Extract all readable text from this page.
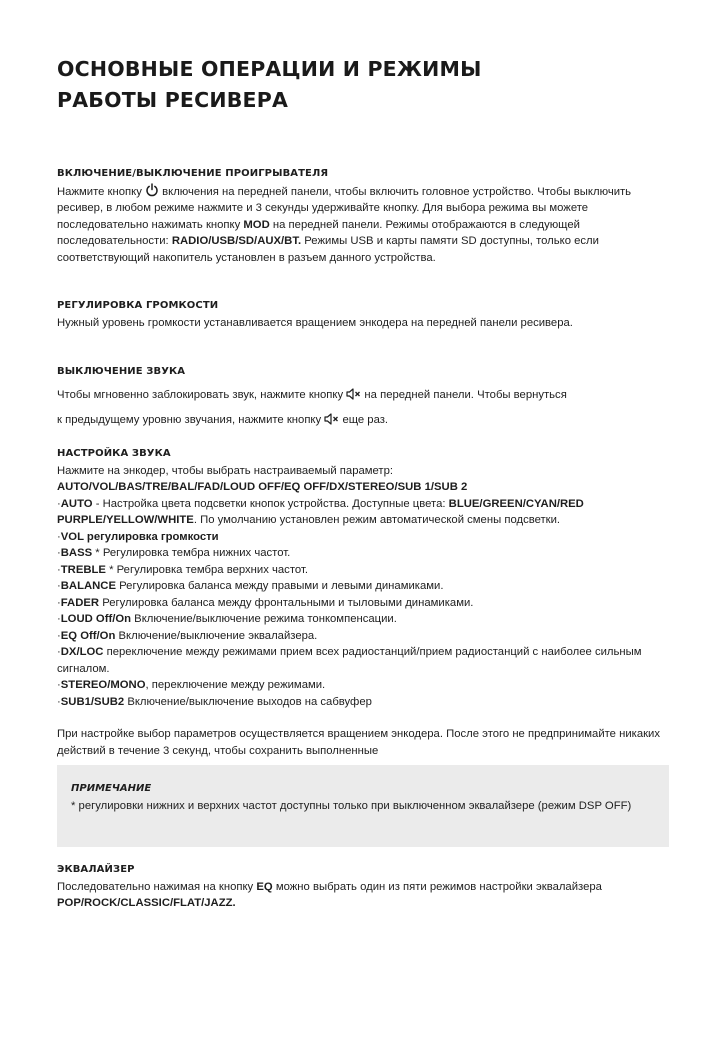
ОСНОВНЫЕ ОПЕРАЦИИ И РЕЖИМЫ
РАБОТЫ РЕСИВЕРА
ВКЛЮЧЕНИЕ/ВЫКЛЮЧЕНИЕ ПРОИГРЫВАТЕЛЯ

Нажмите кнопку включения на передней панели, чтобы включить головное устройство. Чтобы выключить ресивер, в любом режиме нажмите и 3 секунды удерживайте кнопку. Для выбора режима вы можете последовательно нажимать кнопку MOD на передней панели. Режимы отображаются в следующей последовательности: RADIO/USB/SD/AUX/BT. Режимы USB и карты памяти SD доступны, только если соответствующий накопитель установлен в разъем данного устройства.

РЕГУЛИРОВКА ГРОМКОСТИ

Нужный уровень громкости устанавливается вращением энкодера на передней панели ресивера.

ВЫКЛЮЧЕНИЕ ЗВУКА

Чтобы мгновенно заблокировать звук, нажмите кнопку на передней панели. Чтобы вернуться

к предыдущему уровню звучания, нажмите кнопку еще раз.

НАСТРОЙКА ЗВУКА

Нажмите на энкодер, чтобы выбрать настраиваемый параметр:

AUTO/VOL/BAS/TRE/BAL/FAD/LOUD OFF/EQ OFF/DX/STEREO/SUB 1/SUB 2

·AUTO - Настройка цвета подсветки кнопок устройства. Доступные цвета: BLUE/GREEN/CYAN/RED PURPLE/YELLOW/WHITE. По умолчанию установлен режим автоматической смены подсветки.

·VOL регулировка громкости

·BASS * Регулировка тембра нижних частот.

·TREBLE * Регулировка тембра верхних частот.

·BALANCE Регулировка баланса между правыми и левыми динамиками.

·FADER Регулировка баланса между фронтальными и тыловыми динамиками.

·LOUD Off/On Включение/выключение режима тонкомпенсации.

·EQ Off/On Включение/выключение эквалайзера.

·DX/LOC переключение между режимами прием всех радиостанций/прием радиостанций с наиболее сильным сигналом.

·STEREO/MONO, переключение между режимами.

·SUB1/SUB2 Включение/выключение выходов на сабвуфер

При настройке выбор параметров осуществляется вращением энкодера. После этого не предпринимайте никаких действий в течение 3 секунд, чтобы сохранить выполненные

ПРИМЕЧАНИЕ

* регулировки нижних и верхних частот доступны только при выключенном эквалайзере (режим DSP OFF)

ЭКВАЛАЙЗЕР

Последовательно нажимая на кнопку EQ можно выбрать один из пяти режимов настройки эквалайзера POP/ROCK/CLASSIC/FLAT/JAZZ.
